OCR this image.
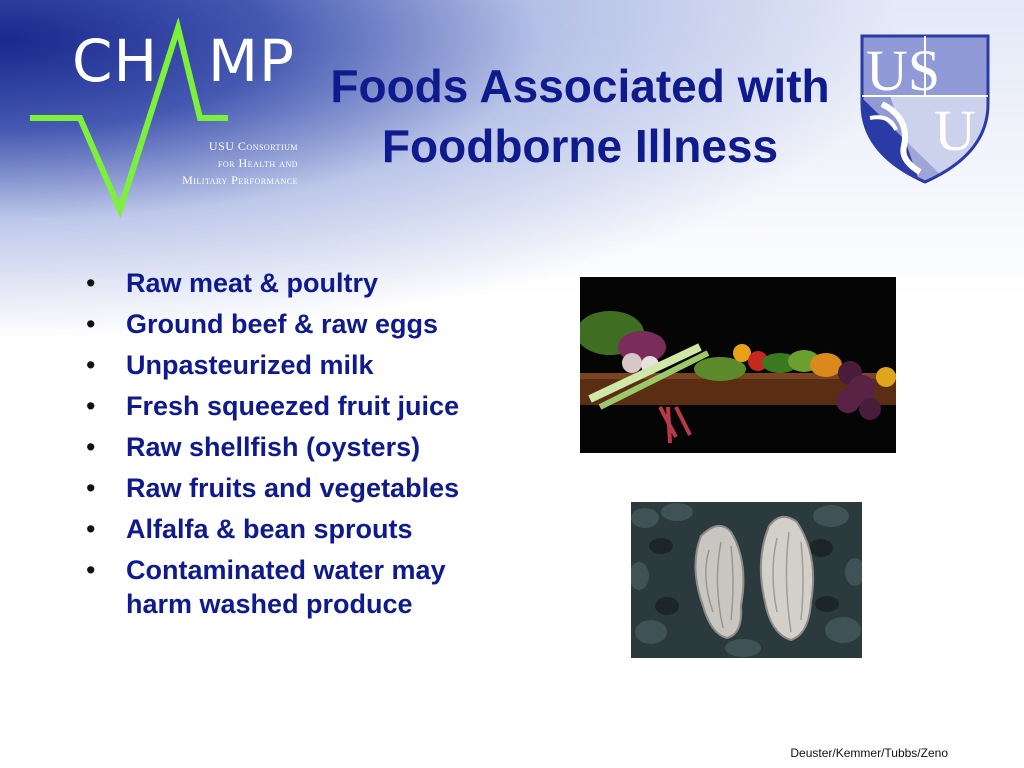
CH MP
USU Consortium
for Health and
Military Performance
Foods Associated with
Foodborne Illness
US
U
• Raw meat & poultry
• Ground beef & raw eggs
• Unpasteurized milk
• Fresh squeezed fruit juice
• Raw shellfish (oysters)
• Raw fruits and vegetables
• Alfalfa & bean sprouts
• Contaminated water may harm washed produce
Deuster/Kemmer/Tubbs/Zeno
